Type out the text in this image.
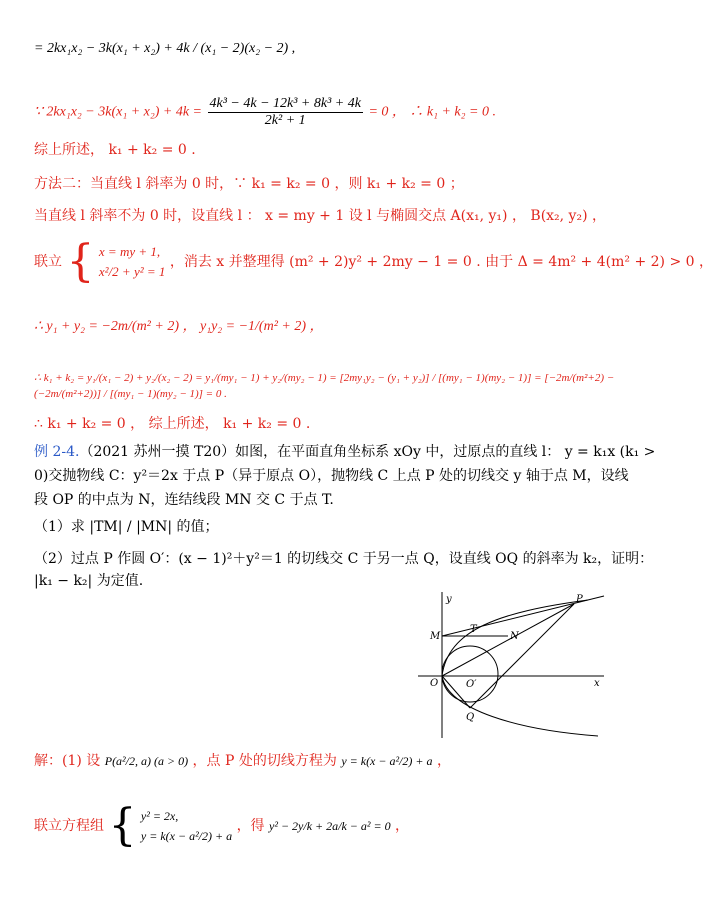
= 2kx₁x₂ − 3k(x₁ + x₂) + 4k / (x₁ − 2)(x₂ − 2) ,
∵ $2kx_1x_2 - 3k(x_1 + x_2) + 4k = \frac{\text{4k³ − 4k − 12k³ + 8k³ + 4k}}{\text{2k² + 1}} = 0$ ， ∴ k₁ + k₂ = 0 .
综上所述， k₁ + k₂ = 0 .
方法二：当直线 l 斜率为 0 时，∵ k₁ = k₂ = 0 ，则 k₁ + k₂ = 0 ；
当直线 l 斜率不为 0 时，设直线 l ： x = my + 1 设 l 与椭圆交点 A(x₁, y₁) ， B(x₂, y₂) ，
联立 { x = my + 1,
x²/2 + y² = 1
，消去 x 并整理得 (m² + 2)y² + 2my − 1 = 0 . 由于 Δ = 4m² + 4(m² + 2) > 0 ，
∴ y₁ + y₂ = −2m/(m² + 2) ， y₁y₂ = −1/(m² + 2) ，
∴ k₁ + k₂ = y₁/(x₁ − 2) + y₂/(x₂ − 2) = y₁/(my₁ − 1) + y₂/(my₂ − 1) = [2my₁y₂ − (y₁ + y₂)] / [(my₁ − 1)(my₂ − 1)] = [−2m/(m²+2) − (−2m/(m²+2))] / [(my₁ − 1)(my₂ − 1)] = 0 .
∴ k₁ + k₂ = 0 ， 综上所述， k₁ + k₂ = 0 .
例 2-4.（2021 苏州一摸 T20）如图，在平面直角坐标系 xOy 中，过原点的直线 l： y = k₁x (k₁ >
0)交抛物线 C：y²＝2x 于点 P（异于原点 O），抛物线 C 上点 P 处的切线交 y 轴于点 M，设线
段 OP 的中点为 N，连结线段 MN 交 C 于点 T.
（1）求 |TM| / |MN| 的值；
（2）过点 P 作圆 O′：(x − 1)²＋y²＝1 的切线交 C 于另一点 Q，设直线 OQ 的斜率为 k₂，证明：
|k₁ − k₂| 为定值.
y
x
P
M
T
N
O	O′
Q
解：(1) 设 P(a²/2, a) (a > 0) ，点 P 处的切线方程为 y = k(x − a²/2) + a ，
联立方程组 { y² = 2x,
y = k(x − a²/2) + a
，得 y² − 2y/k + 2a/k − a² = 0 ，
